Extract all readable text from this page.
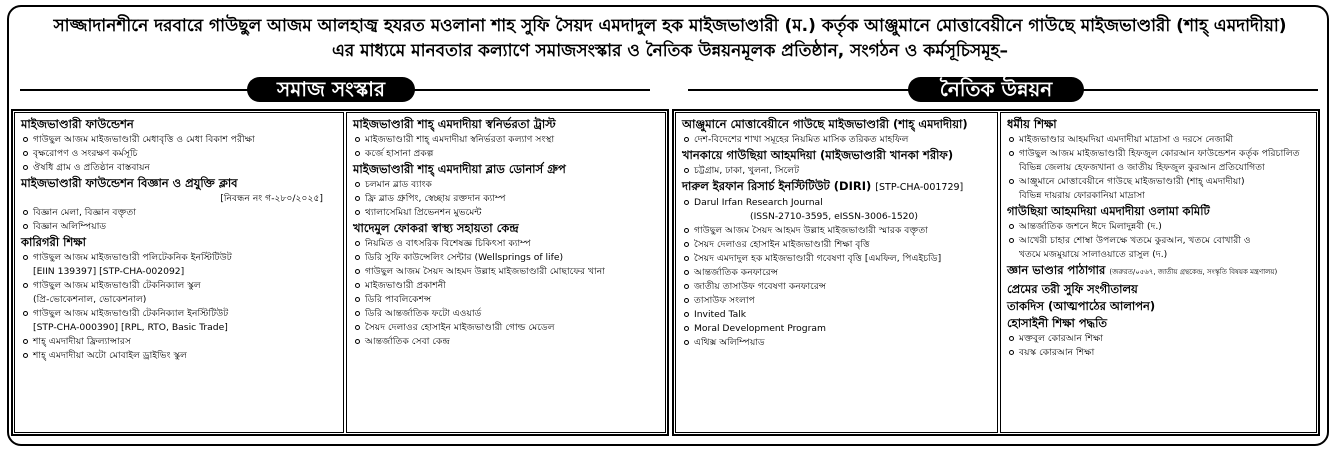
সাজ্জাদানশীনে দরবারে গাউছুল আজম আলহাজ্ব হযরত মওলানা শাহ সুফি সৈয়দ এমদাদুল হক মাইজভাণ্ডারী (ম.) কর্তৃক আঞ্জুমানে মোত্তাবেয়ীনে গাউছে মাইজভাণ্ডারী (শাহ্ এমদাদীয়া)
এর মাধ্যমে মানবতার কল্যাণে সমাজসংস্কার ও নৈতিক উন্নয়নমূলক প্রতিষ্ঠান, সংগঠন ও কর্মসূচিসমূহ–
সমাজ সংস্কার	নৈতিক উন্নয়ন
মাইজভাণ্ডারী ফাউন্ডেশন
গাউছুল আজম মাইজভাণ্ডারী মেধাবৃত্তি ও মেধা বিকাশ পরীক্ষা
বৃক্ষরোপণ ও সংরক্ষণ কর্মসূচি
ঔষধি গ্রাম ও প্রতিষ্ঠান বাস্তবায়ন
মাইজভাণ্ডারী ফাউন্ডেশন বিজ্ঞান ও প্রযুক্তি ক্লাব
[নিবন্ধন নং গ-২৮০/২০২৫]
বিজ্ঞান মেলা, বিজ্ঞান বক্তৃতা
বিজ্ঞান অলিম্পিয়াড
কারিগরী শিক্ষা
গাউছুল আজম মাইজভাণ্ডারী পলিটেকনিক ইনস্টিটিউট
[EIIN 139397] [STP-CHA-002092]
গাউছুল আজম মাইজভাণ্ডারী টেকনিক্যাল স্কুল
(প্রি-ভোকেশনাল, ভোকেশনাল)
গাউছুল আজম মাইজভাণ্ডারী টেকনিক্যাল ইনস্টিটিউট
[STP-CHA-000390] [RPL, RTO, Basic Trade]
শাহ্ এমদাদীয়া ফ্রিল্যান্সারস
শাহ্ এমদাদীয়া অটো মোবাইল ড্রাইভিং স্কুল
মাইজভাণ্ডারী শাহ্ এমদাদীয়া স্বনির্ভরতা ট্রাস্ট
মাইজভাণ্ডারী শাহ্ এমদাদীয়া স্বনির্ভরতা কল্যাণ সংস্থা
কর্জে হাসানা প্রকল্প
মাইজভাণ্ডারী শাহ্ এমদাদীয়া ব্লাড ডোনার্স গ্রুপ
চলমান ব্লাড ব্যাংক
ফ্রি ব্লাড গ্রুপিং, স্বেচ্ছায় রক্তদান ক্যাম্প
থ্যালাসেমিয়া প্রিভেনশন মুভমেন্ট
খাদেমুল ফোকরা স্বাস্থ্য সহায়তা কেন্দ্র
নিয়মিত ও বাৎসরিক বিশেষজ্ঞ চিকিৎসা ক্যাম্প
ডিরি সুফি কাউন্সেলিং সেন্টার (Wellsprings of life)
গাউছুল আজম সৈয়দ আহমদ উল্লাহ মাইজভাণ্ডারী মোছাফের খানা
মাইজভাণ্ডারী প্রকাশনী
ডিরি পাবলিকেশন্স
ডিরি আন্তর্জাতিক ফটো এওয়ার্ড
সৈয়দ দেলাওর হোসাইন মাইজভাণ্ডারী গোল্ড মেডেল
আন্তর্জাতিক সেবা কেন্দ্র
আঞ্জুমানে মোত্তাবেয়ীনে গাউছে মাইজভাণ্ডারী (শাহ্ এমদাদীয়া)
দেশ-বিদেশের শাখা সমূহের নিয়মিত মাসিক তরিকত মাহফিল
খানকায়ে গাউছিয়া আহমদিয়া (মাইজভাণ্ডারী খানকা শরীফ)
চট্টগ্রাম, ঢাকা, খুলনা, সিলেট
দারুল ইরফান রিসার্চ ইনস্টিটিউট (DIRI) [STP-CHA-001729]
Darul Irfan Research Journal
(ISSN-2710-3595, eISSN-3006-1520)
গাউছুল আজম সৈয়দ আহমদ উল্লাহ মাইজভাণ্ডারী স্মারক বক্তৃতা
সৈয়দ দেলাওর হোসাইন মাইজভাণ্ডারী শিক্ষা বৃত্তি
সৈয়দ এমদাদুল হক মাইজভাণ্ডারী গবেষণা বৃত্তি [এমফিল, পিএইচডি]
আন্তর্জাতিক কনফারেন্স
জাতীয় তাসাউফ গবেষণা কনফারেন্স
তাসাউফ সংলাপ
Invited Talk
Moral Development Program
এথিক্স অলিম্পিয়াড
ধর্মীয় শিক্ষা
মাইজভাণ্ডার আহমদিয়া এমদাদীয়া মাদ্রাসা ও দরসে নেজামী
গাউছুল আজম মাইজভাণ্ডারী হিফজুল কোরআন ফাউন্ডেশন কর্তৃক পরিচালিত
বিভিন্ন জেলায় হেফজখানা ও জাতীয় হিফজুল কুরআন প্রতিযোগিতা
আঞ্জুমানে মোত্তাবেয়ীনে গাউছে মাইজভাণ্ডারী (শাহ্ এমদাদীয়া)
বিভিন্ন দায়রায় ফোরকানিয়া মাদ্রাসা
গাউছিয়া আহমদিয়া এমদাদীয়া ওলামা কমিটি
আন্তর্জাতিক জশনে ঈদে মিলাদুন্নবী (দ.)
আখেরী চাহার শোম্বা উপলক্ষে খতমে কুরআন, খতমে বোখারী ও
খতমে মজমুয়ায়ে সালাওয়াতে রাসুল (দ.)
জ্ঞান ভাণ্ডার পাঠাগার (জরুরত/০৫৬৭, জাতীয় গ্রন্থকেন্দ্র, সংস্কৃতি বিষয়ক মন্ত্রণালয়)
প্রেমের তরী সুফি সংগীতালয়
তাকদিস (আত্মপাঠের আলাপন)
হোসাইনী শিক্ষা পদ্ধতি
মক্তবুল কোরআন শিক্ষা
বয়স্ক কোরআন শিক্ষা
